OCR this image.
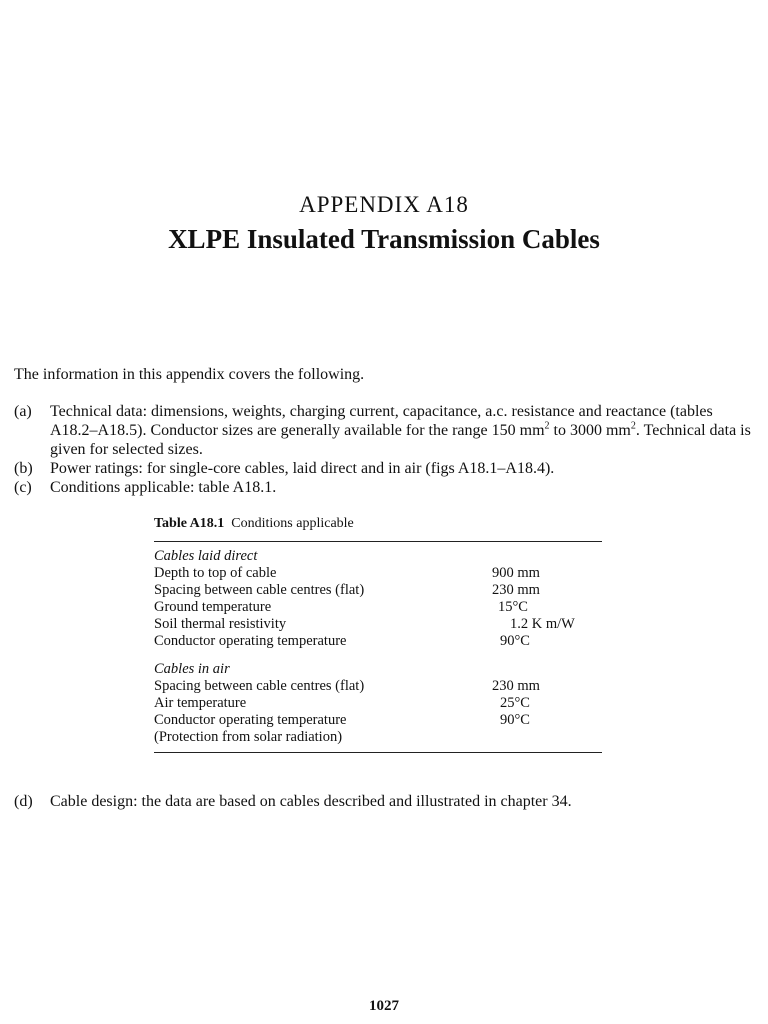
APPENDIX A18
XLPE Insulated Transmission Cables
The information in this appendix covers the following.
(a)	Technical data: dimensions, weights, charging current, capacitance, a.c. resistance and reactance (tables A18.2–A18.5). Conductor sizes are generally available for the range 150 $mm^2$ to 3000 $mm^2$. Technical data is given for selected sizes.
(b)	Power ratings: for single-core cables, laid direct and in air (figs A18.1–A18.4).
(c)	Conditions applicable: table A18.1.
Table A18.1 Conditions applicable
Cables laid direct
Depth to top of cable	900 mm
Spacing between cable centres (flat)	230 mm
Ground temperature	15°C
Soil thermal resistivity	1.2 K m/W
Conductor operating temperature	90°C
Cables in air
Spacing between cable centres (flat)	230 mm
Air temperature	25°C
Conductor operating temperature	90°C
(Protection from solar radiation)
(d)	Cable design: the data are based on cables described and illustrated in chapter 34.
1027
